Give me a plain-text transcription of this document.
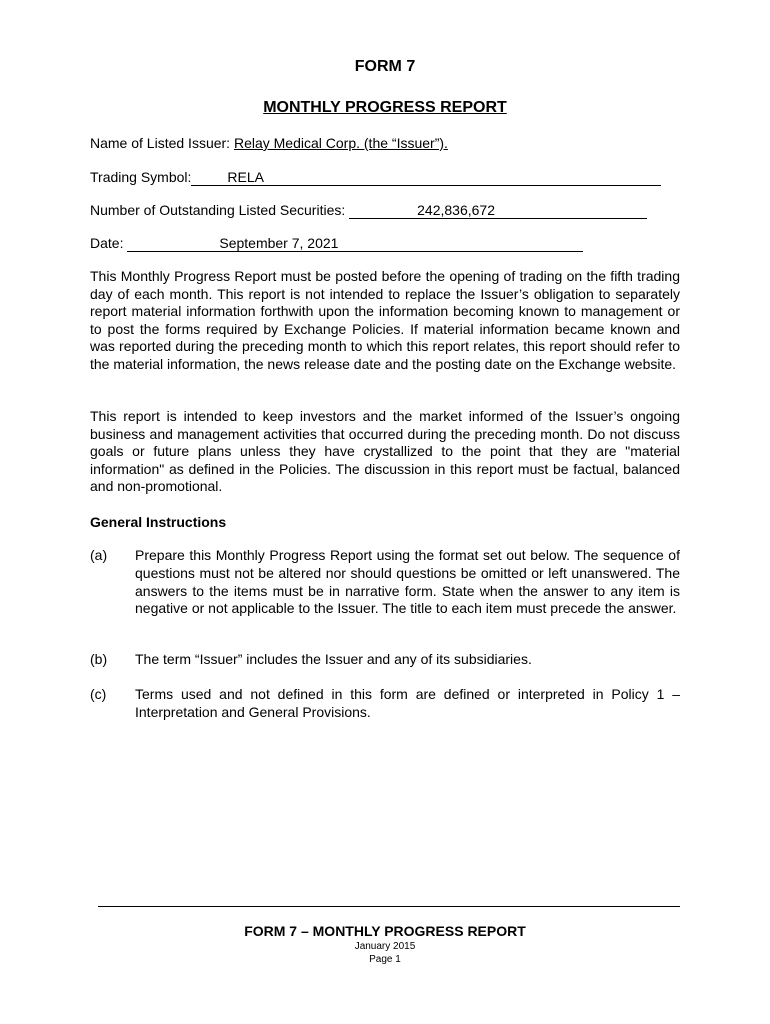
FORM 7
MONTHLY PROGRESS REPORT
Name of Listed Issuer: Relay Medical Corp. (the “Issuer”).
Trading Symbol:	RELA
Number of Outstanding Listed Securities:	242,836,672
Date:	September 7, 2021
This Monthly Progress Report must be posted before the opening of trading on the fifth trading day of each month. This report is not intended to replace the Issuer’s obligation to separately report material information forthwith upon the information becoming known to management or to post the forms required by Exchange Policies. If material information became known and was reported during the preceding month to which this report relates, this report should refer to the material information, the news release date and the posting date on the Exchange website.
This report is intended to keep investors and the market informed of the Issuer’s ongoing business and management activities that occurred during the preceding month. Do not discuss goals or future plans unless they have crystallized to the point that they are "material information" as defined in the Policies. The discussion in this report must be factual, balanced and non-promotional.
General Instructions
(a) Prepare this Monthly Progress Report using the format set out below. The sequence of questions must not be altered nor should questions be omitted or left unanswered. The answers to the items must be in narrative form. State when the answer to any item is negative or not applicable to the Issuer. The title to each item must precede the answer.
(b) The term “Issuer” includes the Issuer and any of its subsidiaries.
(c) Terms used and not defined in this form are defined or interpreted in Policy 1 – Interpretation and General Provisions.
FORM 7 – MONTHLY PROGRESS REPORT
January 2015
Page 1
